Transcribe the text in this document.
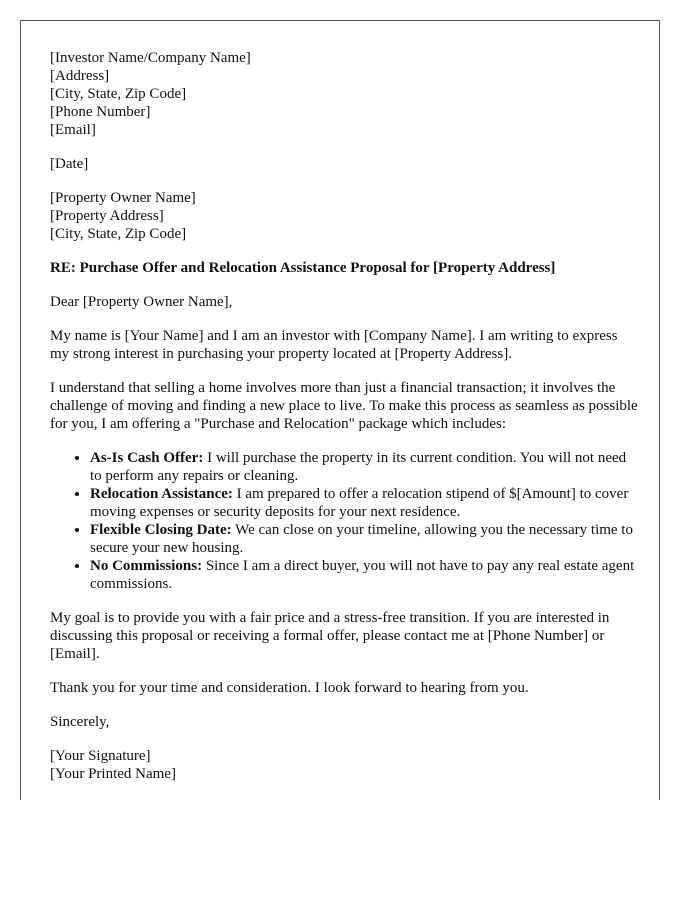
[Investor Name/Company Name]
[Address]
[City, State, Zip Code]
[Phone Number]
[Email]
[Date]
[Property Owner Name]
[Property Address]
[City, State, Zip Code]

RE: Purchase Offer and Relocation Assistance Proposal for [Property Address]

Dear [Property Owner Name],

My name is [Your Name] and I am an investor with [Company Name]. I am writing to express my strong interest in purchasing your property located at [Property Address].

I understand that selling a home involves more than just a financial transaction; it involves the challenge of moving and finding a new place to live. To make this process as seamless as possible for you, I am offering a "Purchase and Relocation" package which includes:

• As-Is Cash Offer: I will purchase the property in its current condition. You will not need to perform any repairs or cleaning.
• Relocation Assistance: I am prepared to offer a relocation stipend of $[Amount] to cover moving expenses or security deposits for your next residence.
• Flexible Closing Date: We can close on your timeline, allowing you the necessary time to secure your new housing.
• No Commissions: Since I am a direct buyer, you will not have to pay any real estate agent commissions.

My goal is to provide you with a fair price and a stress-free transition. If you are interested in discussing this proposal or receiving a formal offer, please contact me at [Phone Number] or [Email].

Thank you for your time and consideration. I look forward to hearing from you.

Sincerely,

[Your Signature]
[Your Printed Name]
